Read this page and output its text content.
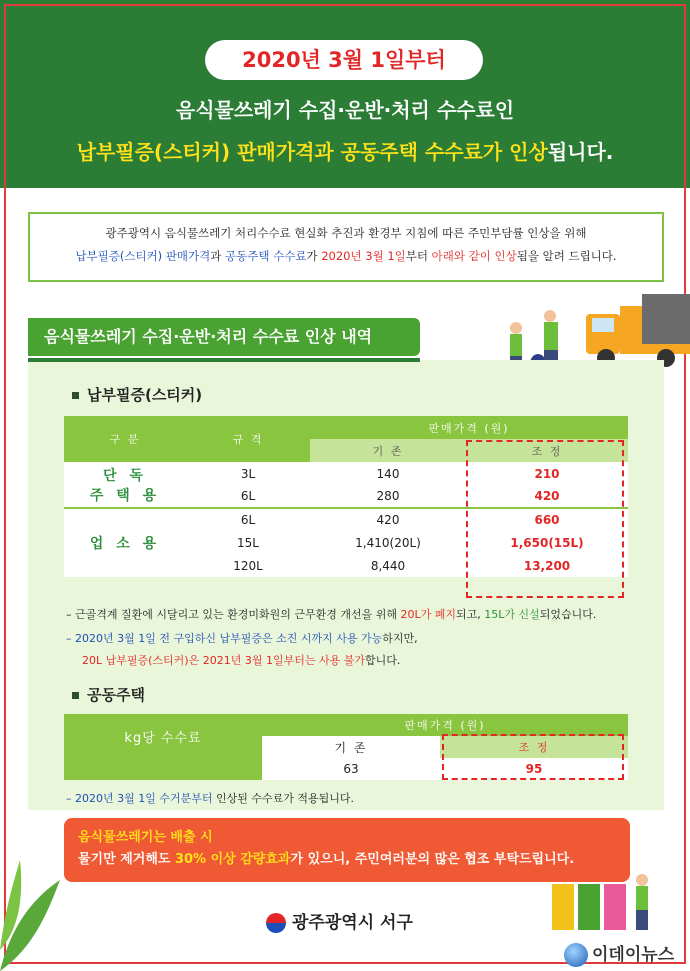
2020년 3월 1일부터
음식물쓰레기 수집·운반·처리 수수료인
납부필증(스티커) 판매가격과 공동주택 수수료가 인상됩니다.

광주광역시 음식물쓰레기 처리수수료 현실화 추진과 환경부 지침에 따른 주민부담률 인상을 위해

납부필증(스티커) 판매가격과 공동주택 수수료가 2020년 3월 1일부터 아래와 같이 인상됨을 알려 드립니다.

음식물쓰레기 수집·운반·처리 수수료 인상 내역
납부필증(스티커)
구 분	규 격	판매가격 (원)	
		기 존	조 정

단 독
주 택 용	3L	140	210
	6L	280	420
업 소 용	6L	420	660
	15L	1,410(20L)	1,650(15L)
	120L	8,440	13,200
– 근골격계 질환에 시달리고 있는 환경미화원의 근무환경 개선을 위해 20L가 폐지되고, 15L가 신설되었습니다.
– 2020년 3월 1일 전 구입하신 납부필증은 소진 시까지 사용 가능하지만,
20L 납부필증(스티커)은 2021년 3월 1일부터는 사용 불가합니다.
공동주택
kg당 수수료	판매가격 (원)	
	기 존	조 정
	63	95
– 2020년 3월 1일 수거분부터 인상된 수수료가 적용됩니다.
음식물쓰레기는 배출 시
물기만 제거해도 30% 이상 감량효과가 있으니, 주민여러분의 많은 협조 부탁드립니다.
광주광역시 서구
이데이뉴스
